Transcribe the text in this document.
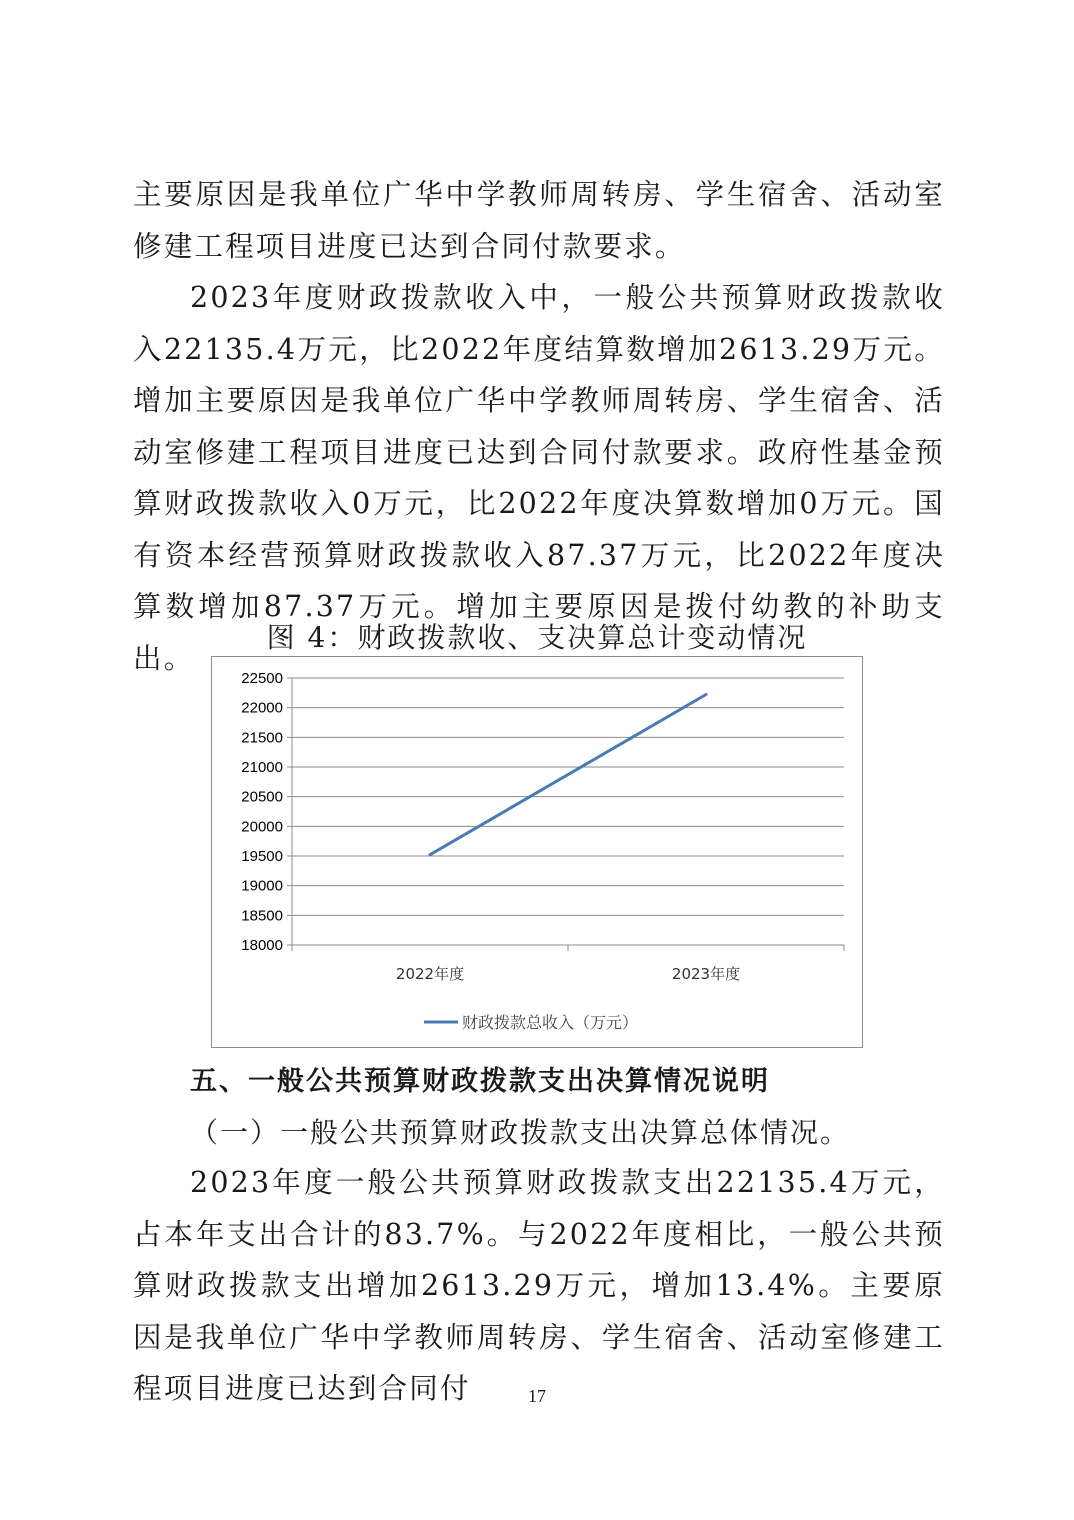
主要原因是我单位广华中学教师周转房、学生宿舍、活动室修建工程项目进度已达到合同付款要求。

2023年度财政拨款收入中，一般公共预算财政拨款收入22135.4万元，比2022年度结算数增加2613.29万元。增加主要原因是我单位广华中学教师周转房、学生宿舍、活动室修建工程项目进度已达到合同付款要求。政府性基金预算财政拨款收入0万元，比2022年度决算数增加0万元。国有资本经营预算财政拨款收入87.37万元，比2022年度决算数增加87.37万元。增加主要原因是拨付幼教的补助支出。

图 4：财政拨款收、支决算总计变动情况

18000
18500
19000
19500
20000
20500
21000
21500
22000
22500
2022年度	2023年度
财政拨款总收入（万元）

五、一般公共预算财政拨款支出决算情况说明

（一）一般公共预算财政拨款支出决算总体情况。

2023年度一般公共预算财政拨款支出22135.4万元，占本年支出合计的83.7%。与2022年度相比，一般公共预算财政拨款支出增加2613.29万元，增加13.4%。主要原因是我单位广华中学教师周转房、学生宿舍、活动室修建工程项目进度已达到合同付	17
